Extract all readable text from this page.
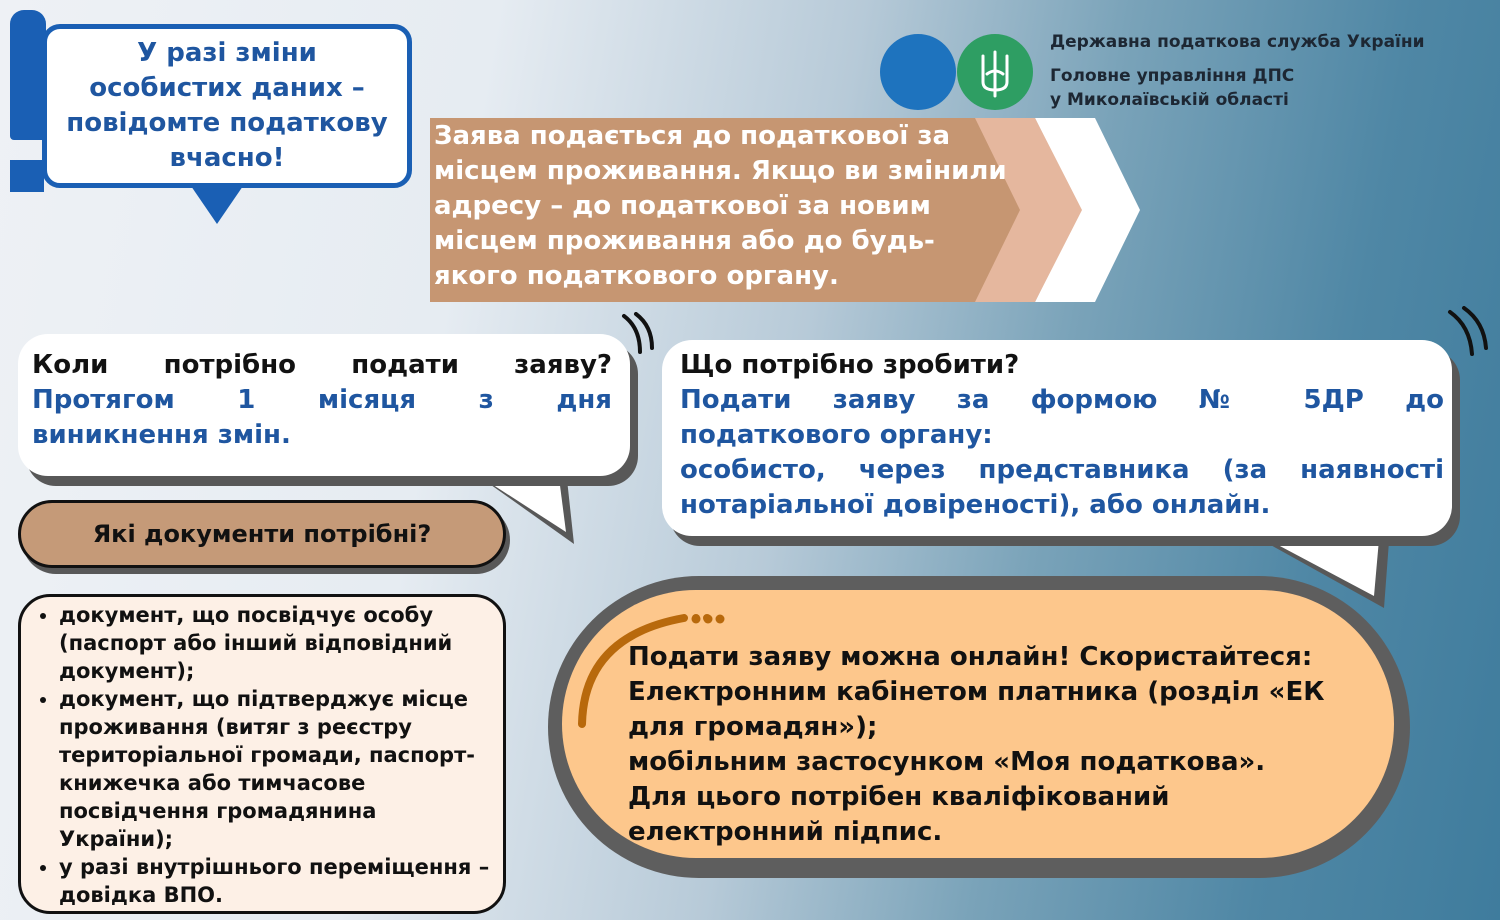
У разі зміни особистих даних – повідомте податкову вчасно!
Державна податкова служба України
Головне управління ДПС
у Миколаївській області
Заява подається до податкової за місцем проживання. Якщо ви змінили адресу – до податкової за новим місцем проживання або до будь-якого податкового органу.
Коли потрібно подати заяву?
Протягом 1 місяця з дня
виникнення змін.
Що потрібно зробити?
Подати заяву за формою № 5ДР до
податкового органу:
особисто, через представника (за наявності
нотаріальної довіреності), або онлайн.
Які документи потрібні?
• документ, що посвідчує особу (паспорт або інший відповідний документ);
• документ, що підтверджує місце проживання (витяг з реєстру територіальної громади, паспорт-книжечка або тимчасове посвідчення громадянина України);
• у разі внутрішнього переміщення – довідка ВПО.
Подати заяву можна онлайн! Скористайтеся:
Електронним кабінетом платника (розділ «ЕК
для громадян»);
мобільним застосунком «Моя податкова».
Для цього потрібен кваліфікований
електронний підпис.
